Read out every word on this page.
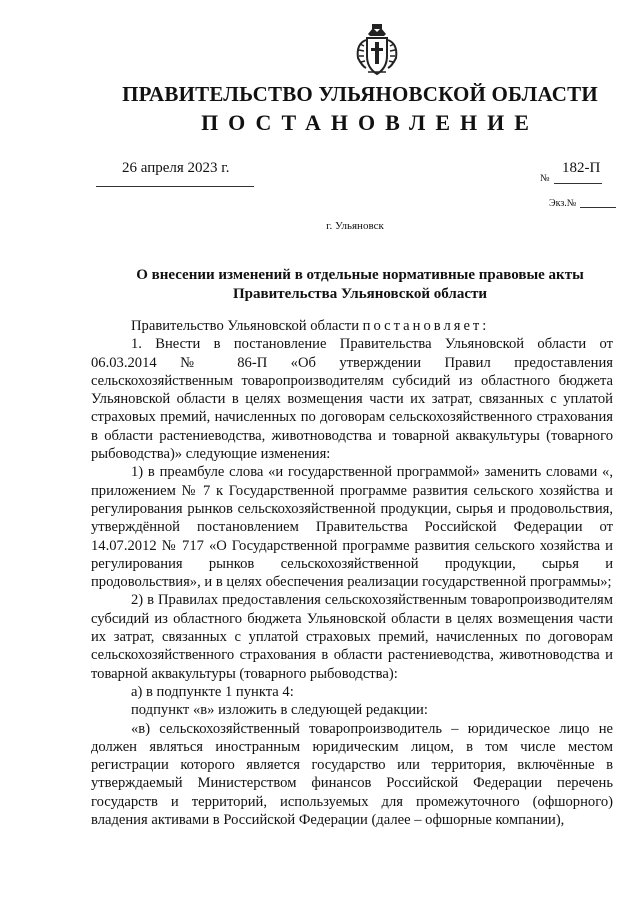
ПРАВИТЕЛЬСТВО УЛЬЯНОВСКОЙ ОБЛАСТИ
ПОСТАНОВЛЕНИЕ
26 апреля 2023 г.	182-П
№
Экз.№
г. Ульяновск
О внесении изменений в отдельные нормативные правовые акты
Правительства Ульяновской области

Правительство Ульяновской области постановляет:

1. Внести в постановление Правительства Ульяновской области от 06.03.2014 № 86-П «Об утверждении Правил предоставления сельскохозяйственным товаропроизводителям субсидий из областного бюджета Ульяновской области в целях возмещения части их затрат, связанных с уплатой страховых премий, начисленных по договорам сельскохозяйственного страхования в области растениеводства, животноводства и товарной аквакультуры (товарного рыбоводства)» следующие изменения:

1) в преамбуле слова «и государственной программой» заменить словами «, приложением № 7 к Государственной программе развития сельского хозяйства и регулирования рынков сельскохозяйственной продукции, сырья и продовольствия, утверждённой постановлением Правительства Российской Федерации от 14.07.2012 № 717 «О Государственной программе развития сельского хозяйства и регулирования рынков сельскохозяйственной продукции, сырья и продовольствия», и в целях обеспечения реализации государственной программы»;

2) в Правилах предоставления сельскохозяйственным товаропроизводителям субсидий из областного бюджета Ульяновской области в целях возмещения части их затрат, связанных с уплатой страховых премий, начисленных по договорам сельскохозяйственного страхования в области растениеводства, животноводства и товарной аквакультуры (товарного рыбоводства):

а) в подпункте 1 пункта 4:

подпункт «в» изложить в следующей редакции:

«в) сельскохозяйственный товаропроизводитель – юридическое лицо не должен являться иностранным юридическим лицом, в том числе местом регистрации которого является государство или территория, включённые в утверждаемый Министерством финансов Российской Федерации перечень государств и территорий, используемых для промежуточного (офшорного) владения активами в Российской Федерации (далее – офшорные компании),
